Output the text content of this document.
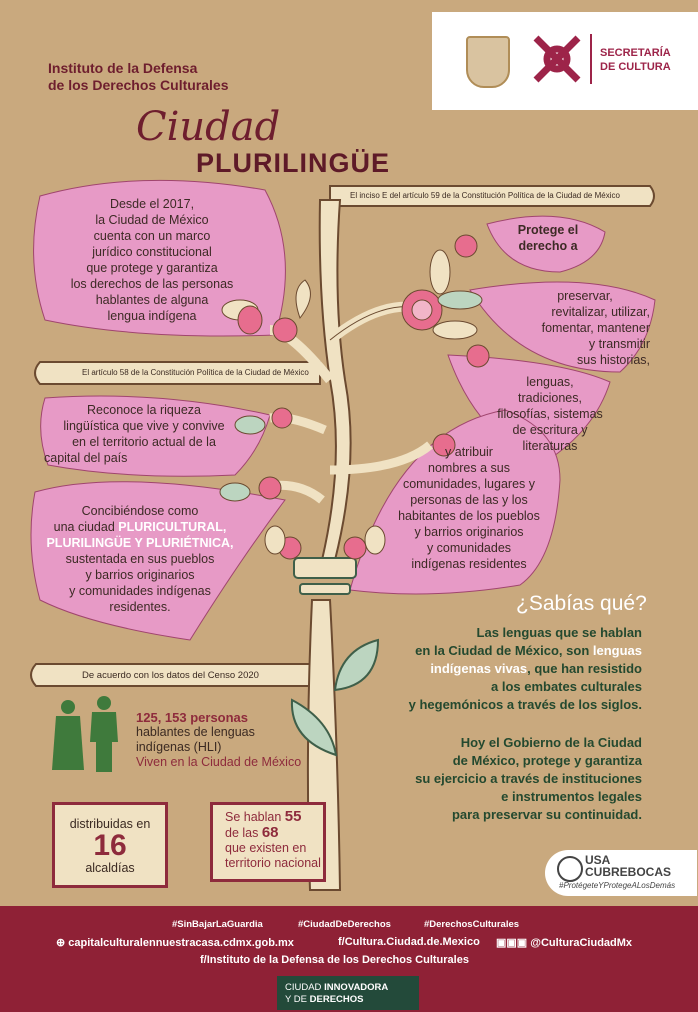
Instituto de la Defensa
de los Derechos Culturales
SECRETARÍA
DE CULTURA
Ciudad
PLURILINGÜE
El inciso E del artículo 59 de la Constitución Política de la Ciudad de México
El artículo 58 de la Constitución Política de la Ciudad de México
De acuerdo con los datos del Censo 2020
Desde el 2017,
la Ciudad de México
cuenta con un marco
jurídico constitucional
que protege y garantiza
los derechos de las personas
hablantes de alguna
lengua indígena
Reconoce la riqueza
lingüística que vive y convive
en el territorio actual de la
capital del país
Concibiéndose como
una ciudad PLURICULTURAL,
PLURILINGÜE Y PLURIÉTNICA,
sustentada en sus pueblos
y barrios originarios
y comunidades indígenas
residentes.
Protege el
derecho a
preservar,
revitalizar, utilizar,
fomentar, mantener
y transmitir
sus historias,
lenguas,
tradiciones,
filosofías, sistemas
de escritura y
literaturas
y atribuir
nombres a sus
comunidades, lugares y
personas de las y los
habitantes de los pueblos
y barrios originarios
y comunidades
indígenas residentes
¿Sabías qué?
Las lenguas que se hablan
en la Ciudad de México, son lenguas
indígenas vivas, que han resistido
a los embates culturales
y hegemónicos a través de los siglos.
Hoy el Gobierno de la Ciudad
de México, protege y garantiza
su ejercicio a través de instituciones
e instrumentos legales
para preservar su continuidad.
125, 153 personas
hablantes de lenguas
indígenas (HLI)
Viven en la Ciudad de México
distribuidas en
16
alcaldías
Se hablan 55
de las 68
que existen en
territorio nacional	USA
CUBREBOCAS
#ProtégeteYProtegeALosDemás
#SinBajarLaGuardia	#CiudadDeDerechos	#DerechosCulturales
⊕ capitalculturalennuestracasa.cdmx.gob.mx	f/Cultura.Ciudad.de.Mexico ▣▣▣ @CulturaCiudadMx
f/Instituto de la Defensa de los Derechos Culturales
CIUDAD INNOVADORA
Y DE DERECHOS
